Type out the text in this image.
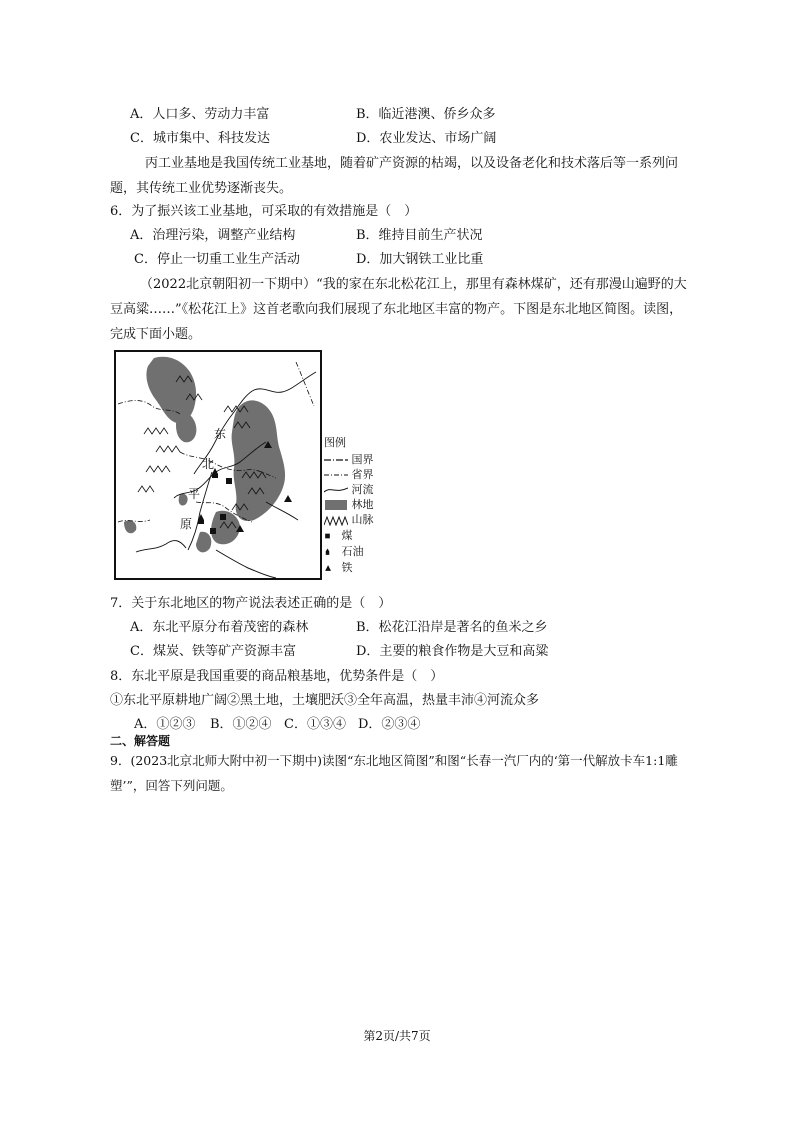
A．人口多、劳动力丰富	B．临近港澳、侨乡众多
C．城市集中、科技发达	D．农业发达、市场广阔
丙工业基地是我国传统工业基地，随着矿产资源的枯竭，以及设备老化和技术落后等一系列问题，其传统工业优势逐渐丧失。
6．为了振兴该工业基地，可采取的有效措施是（　）
A．治理污染，调整产业结构	B．维持目前生产状况
C．停止一切重工业生产活动	D．加大钢铁工业比重
（2022北京朝阳初一下期中）“我的家在东北松花江上，那里有森林煤矿，还有那漫山遍野的大豆高粱……”《松花江上》这首老歌向我们展现了东北地区丰富的物产。下图是东北地区简图。读图，完成下面小题。
东
北
平
原
图例
国界
省界
河流
林地
山脉
煤
石油
铁
7．关于东北地区的物产说法表述正确的是（　）
A．东北平原分布着茂密的森林	B．松花江沿岸是著名的鱼米之乡
C．煤炭、铁等矿产资源丰富	D．主要的粮食作物是大豆和高粱
8．东北平原是我国重要的商品粮基地，优势条件是（　）
①东北平原耕地广阔②黑土地，土壤肥沃③全年高温，热量丰沛④河流众多
A．①②③ B．①②④ C．①③④ D．②③④
二、解答题
9．(2023北京北师大附中初一下期中)读图“东北地区简图”和图“长春一汽厂内的‘第一代解放卡车1:1雕塑’”，回答下列问题。
第2页/共7页
